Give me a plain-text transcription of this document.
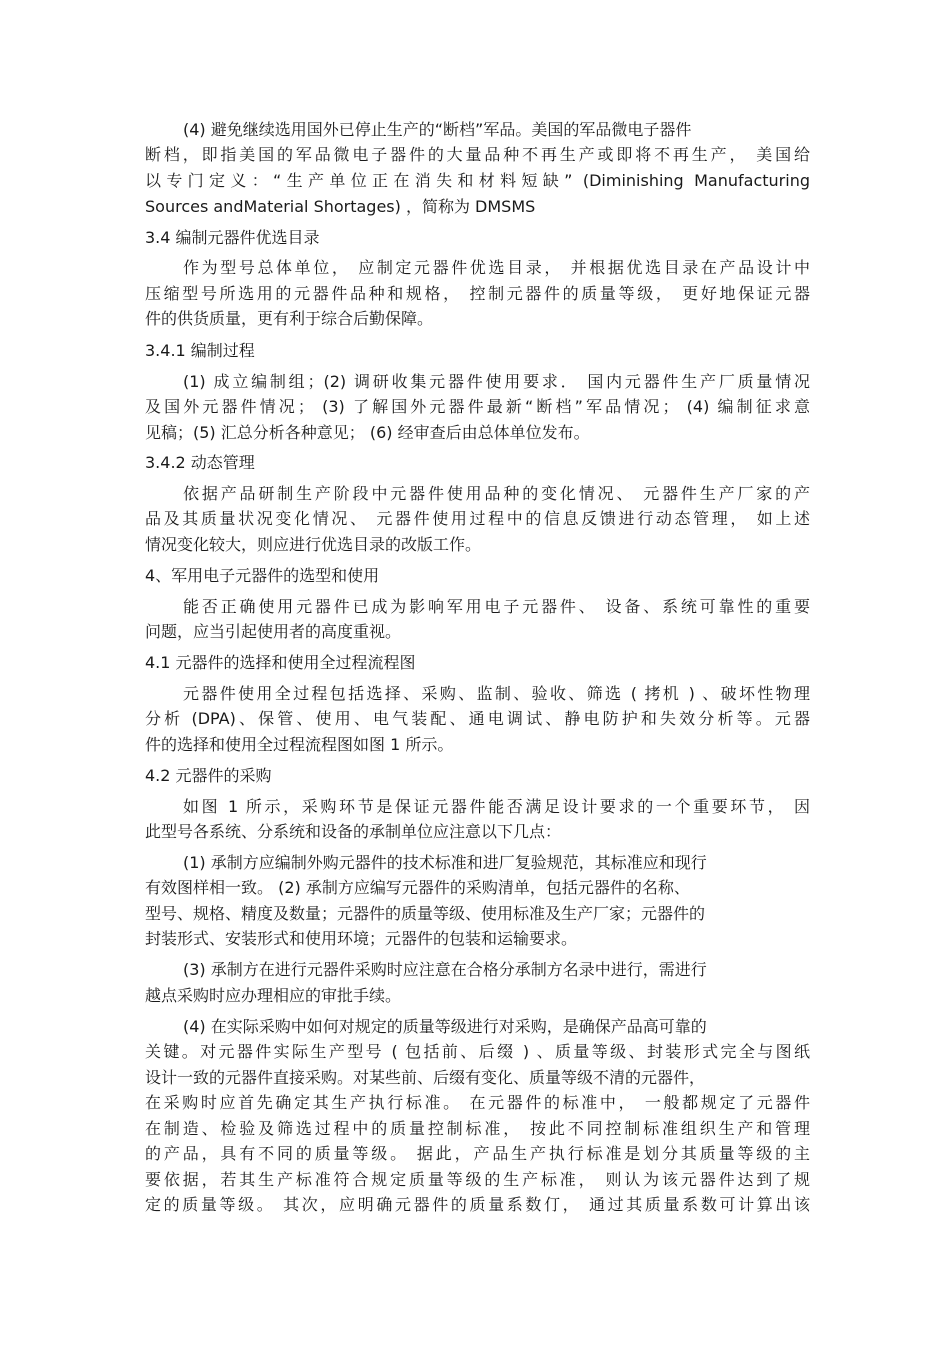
(4) 避免继续选用国外已停止生产的“断档”军品。美国的军品微电子器件
断档，即指美国的军品微电子器件的大量品种不再生产或即将不再生产， 美国给
以专门定义：“生产单位正在消失和材料短缺” (Diminishing Manufacturing
Sources andMaterial Shortages) ，简称为 DMSMS
3.4 编制元器件优选目录
作为型号总体单位， 应制定元器件优选目录， 并根据优选目录在产品设计中
压缩型号所选用的元器件品种和规格， 控制元器件的质量等级， 更好地保证元器
件的供货质量，更有利于综合后勤保障。
3.4.1 编制过程
(1) 成立编制组；(2) 调研收集元器件使用要求． 国内元器件生产厂质量情况
及国外元器件情况； (3) 了解国外元器件最新“断档”军品情况； (4) 编制征求意
见稿；(5) 汇总分析各种意见； (6) 经审查后由总体单位发布。
3.4.2 动态管理
依据产品研制生产阶段中元器件使用品种的变化情况、 元器件生产厂家的产
品及其质量状况变化情况、 元器件使用过程中的信息反馈进行动态管理， 如上述
情况变化较大，则应进行优选目录的改版工作。
4、军用电子元器件的选型和使用
能否正确使用元器件已成为影响军用电子元器件、 设备、系统可靠性的重要
问题，应当引起使用者的高度重视。
4.1 元器件的选择和使用全过程流程图
元器件使用全过程包括选择、采购、监制、验收、筛选 ( 拷机 ) 、破坏性物理
分析 (DPA)、保管、使用、电气装配、通电调试、静电防护和失效分析等。元器
件的选择和使用全过程流程图如图 1 所示。
4.2 元器件的采购
如图 1 所示，采购环节是保证元器件能否满足设计要求的一个重要环节， 因
此型号各系统、分系统和设备的承制单位应注意以下几点：
(1) 承制方应编制外购元器件的技术标准和进厂复验规范，其标准应和现行
有效图样相一致。 (2) 承制方应编写元器件的采购清单，包括元器件的名称、
型号、规格、精度及数量；元器件的质量等级、使用标准及生产厂家；元器件的
封装形式、安装形式和使用环境；元器件的包装和运输要求。
(3) 承制方在进行元器件采购时应注意在合格分承制方名录中进行，需进行
越点采购时应办理相应的审批手续。
(4) 在实际采购中如何对规定的质量等级进行对采购，是确保产品高可靠的
关键。对元器件实际生产型号 ( 包括前、后缀 ) 、质量等级、封装形式完全与图纸
设计一致的元器件直接采购。对某些前、后缀有变化、质量等级不清的元器件，
在采购时应首先确定其生产执行标准。 在元器件的标准中， 一般都规定了元器件
在制造、检验及筛选过程中的质量控制标准， 按此不同控制标准组织生产和管理
的产品，具有不同的质量等级。 据此，产品生产执行标准是划分其质量等级的主
要依据，若其生产标准符合规定质量等级的生产标准， 则认为该元器件达到了规
定的质量等级。 其次，应明确元器件的质量系数仃， 通过其质量系数可计算出该
